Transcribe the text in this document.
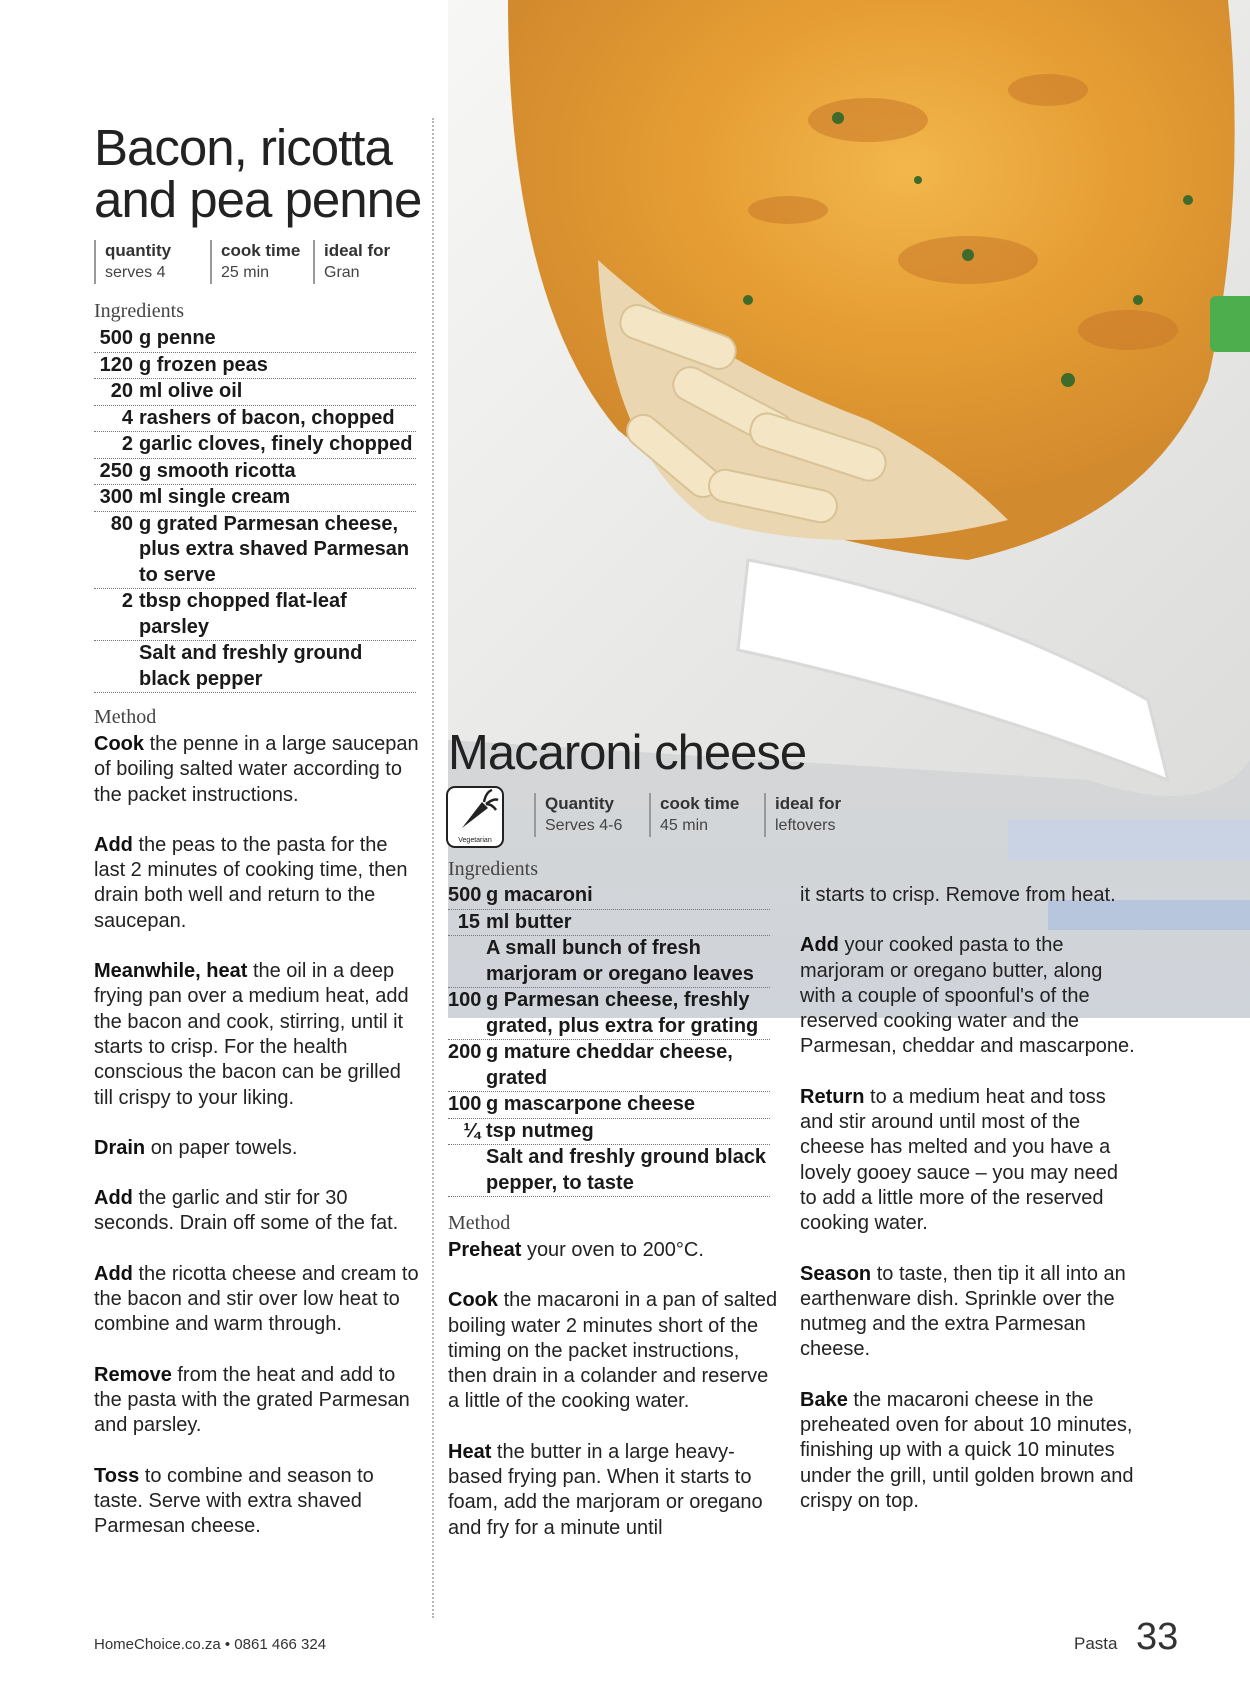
Bacon, ricotta and pea penne
quantity
serves 4
cook time
25 min
ideal for
Gran
Ingredients
500 g penne
120 g frozen peas
20 ml olive oil
4 rashers of bacon, chopped
2 garlic cloves, finely chopped
250 g smooth ricotta
300 ml single cream
80 g grated Parmesan cheese, plus extra shaved Parmesan to serve
2 tbsp chopped flat-leaf parsley
Salt and freshly ground black pepper
Method

Cook the penne in a large saucepan of boiling salted water according to the packet instructions.

Add the peas to the pasta for the last 2 minutes of cooking time, then drain both well and return to the saucepan.

Meanwhile, heat the oil in a deep frying pan over a medium heat, add the bacon and cook, stirring, until it starts to crisp. For the health conscious the bacon can be grilled till crispy to your liking.

Drain on paper towels.

Add the garlic and stir for 30 seconds. Drain off some of the fat.

Add the ricotta cheese and cream to the bacon and stir over low heat to combine and warm through.

Remove from the heat and add to the pasta with the grated Parmesan and parsley.

Toss to combine and season to taste. Serve with extra shaved Parmesan cheese.

Macaroni cheese
Vegetarian
Quantity
Serves 4-6
cook time
45 min
ideal for
leftovers
Ingredients
500 g macaroni
15 ml butter
A small bunch of fresh marjoram or oregano leaves
100 g Parmesan cheese, freshly grated, plus extra for grating
200 g mature cheddar cheese, grated
100 g mascarpone cheese
¼ tsp nutmeg
Salt and freshly ground black pepper, to taste
Method

Preheat your oven to 200°C.

Cook the macaroni in a pan of salted boiling water 2 minutes short of the timing on the packet instructions, then drain in a colander and reserve a little of the cooking water.

Heat the butter in a large heavy-based frying pan. When it starts to foam, add the marjoram or oregano and fry for a minute until

it starts to crisp. Remove from heat.

Add your cooked pasta to the marjoram or oregano butter, along with a couple of spoonful's of the reserved cooking water and the Parmesan, cheddar and mascarpone.

Return to a medium heat and toss and stir around until most of the cheese has melted and you have a lovely gooey sauce – you may need to add a little more of the reserved cooking water.

Season to taste, then tip it all into an earthenware dish. Sprinkle over the nutmeg and the extra Parmesan cheese.

Bake the macaroni cheese in the preheated oven for about 10 minutes, finishing up with a quick 10 minutes under the grill, until golden brown and crispy on top.

HomeChoice.co.za • 0861 466 324	Pasta 33
